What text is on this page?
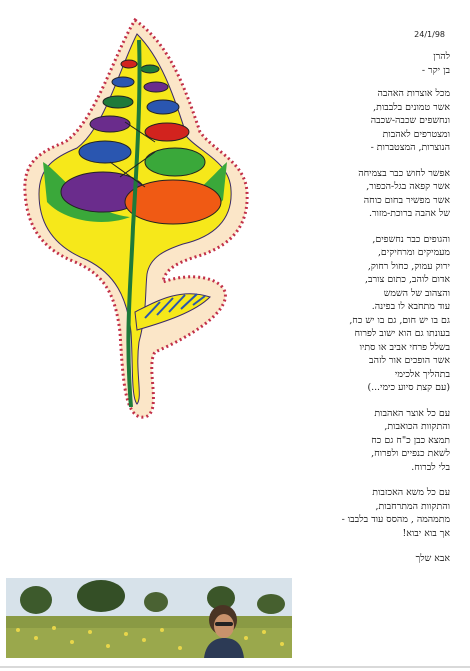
24/1/98
להרן
בן יקר -
מכל אוצרות האהבה
אשר טמונים בלבבות,
ונחשפים שכבה-שכבה
ומצטרפים לאהבות
הנוצרות, המצטברות -
אפשר לחוש כבר בצמיחה
אשר קפאה בגל-הכפור,
אשר מפשיר בחום כוחה
של אהבה ברוכת-מזור.
והגופים כבר נחשפים,
מעמיקים ומרחיקים,
ירוק עמוק, כחול רחוק,
אדום לוהב, כתום צורב,
והצהוב של השמש
עוד מתחבא לו בפינה.
גם בו יש חום, גם בו יש כח,
בעונתו גם הוא ישוב לפרוח
בשלל פרחי אביב או סתיו
אשר הופכים אור לזהב
בתהליך אלכימי
(עם קצת סיוע כימי...)
עם כל אוצר האהבות
והתקוות הכואבות,
תמצא כבן כ"ח גם כח
לשאת כנפיים ולפרוח,
בלי לברוח.
עם כל משא האכזבות
והתקוות המתרחבות,
מתמהמה , מהסס עוד בלבבו -
אך בוא יבוא!
אבא שלך
